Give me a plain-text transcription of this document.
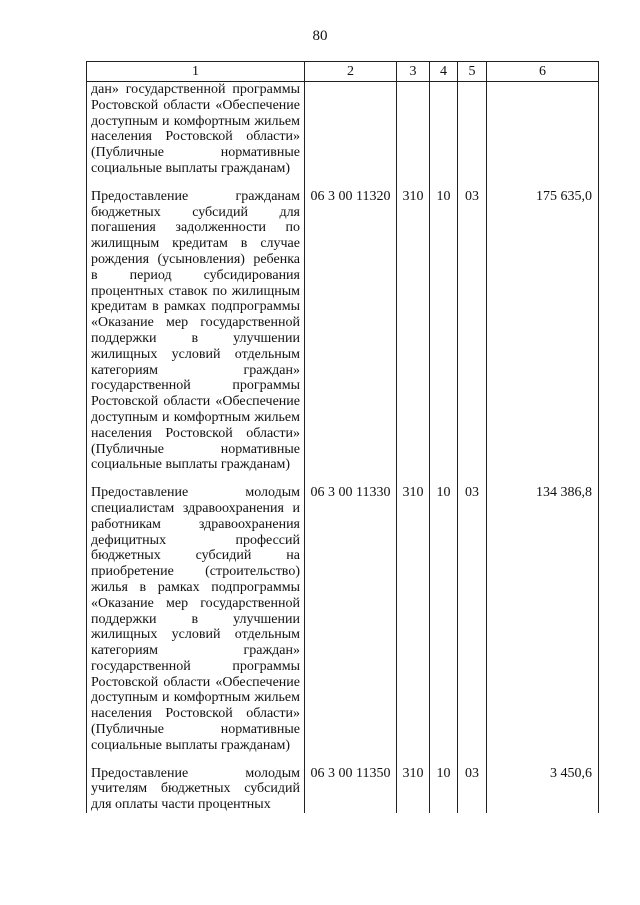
80
1	2	3	4	5	6
дан» государственной программы Ростовской области «Обеспечение доступным и комфортным жильем населения Ростовской области» (Публичные нормативные социальные выплаты гражданам)					

Предоставление гражданам бюджетных субсидий для погашения задолженности по жилищным кредитам в случае рождения (усыновления) ребенка в период субсидирования процентных ставок по жилищным кредитам в рамках подпрограммы «Оказание мер государственной поддержки в улучшении жилищных условий отдельным категориям граждан» государственной программы Ростовской области «Обеспечение доступным и комфортным жильем населения Ростовской области» (Публичные нормативные социальные выплаты гражданам)	06 3 00 11320	310	10	03	175 635,0

Предоставление молодым специалистам здравоохранения и работникам здравоохранения дефицитных профессий бюджетных субсидий на приобретение (строительство) жилья в рамках подпрограммы «Оказание мер государственной поддержки в улучшении жилищных условий отдельным категориям граждан» государственной программы Ростовской области «Обеспечение доступным и комфортным жильем населения Ростовской области» (Публичные нормативные социальные выплаты гражданам)	06 3 00 11330	310	10	03	134 386,8

Предоставление молодым учителям бюджетных субсидий для оплаты части процентных	06 3 00 11350	310	10	03	3 450,6
